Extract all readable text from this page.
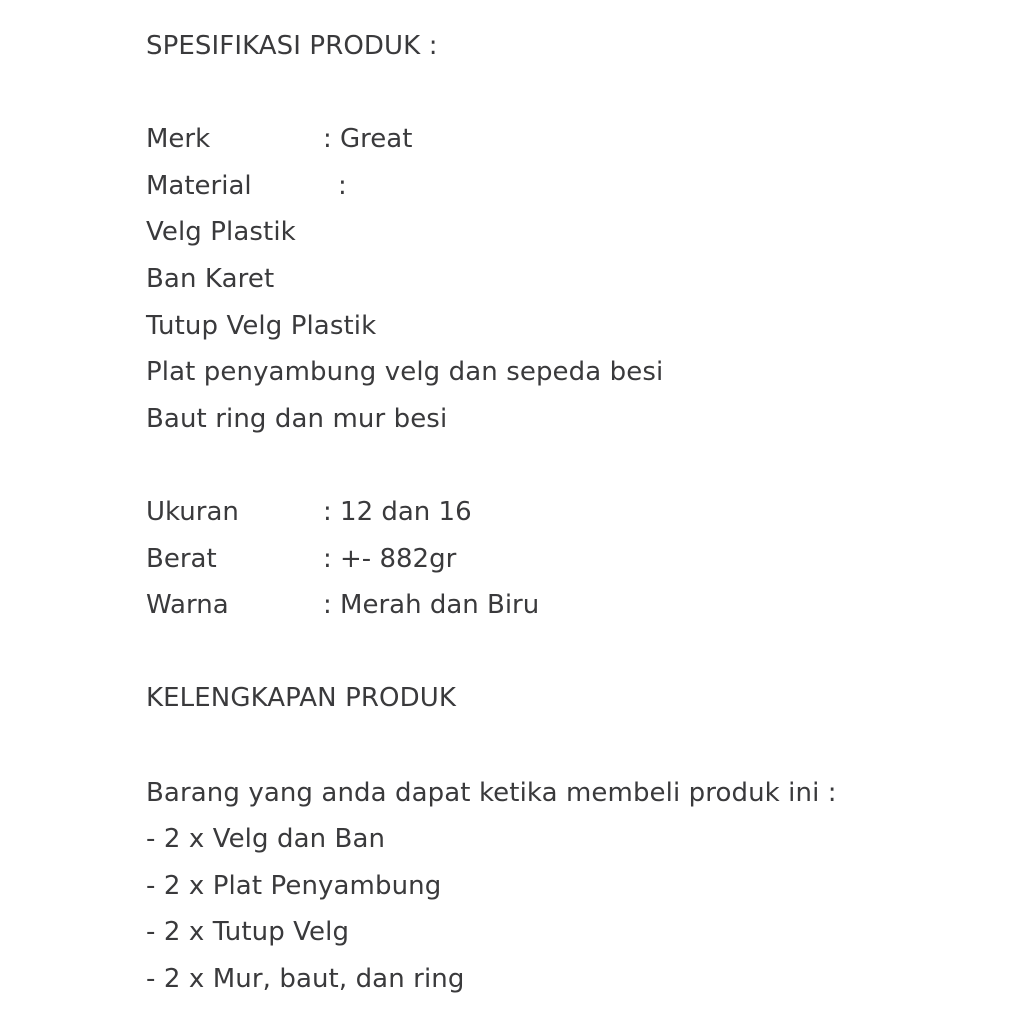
SPESIFIKASI PRODUK :
Merk	: Great
Material	:
Velg Plastik
Ban Karet
Tutup Velg Plastik
Plat penyambung velg dan sepeda besi
Baut ring dan mur besi
Ukuran	: 12 dan 16
Berat	: +- 882gr
Warna	: Merah dan Biru
KELENGKAPAN PRODUK
Barang yang anda dapat ketika membeli produk ini :
- 2 x Velg dan Ban
- 2 x Plat Penyambung
- 2 x Tutup Velg
- 2 x Mur, baut, dan ring
